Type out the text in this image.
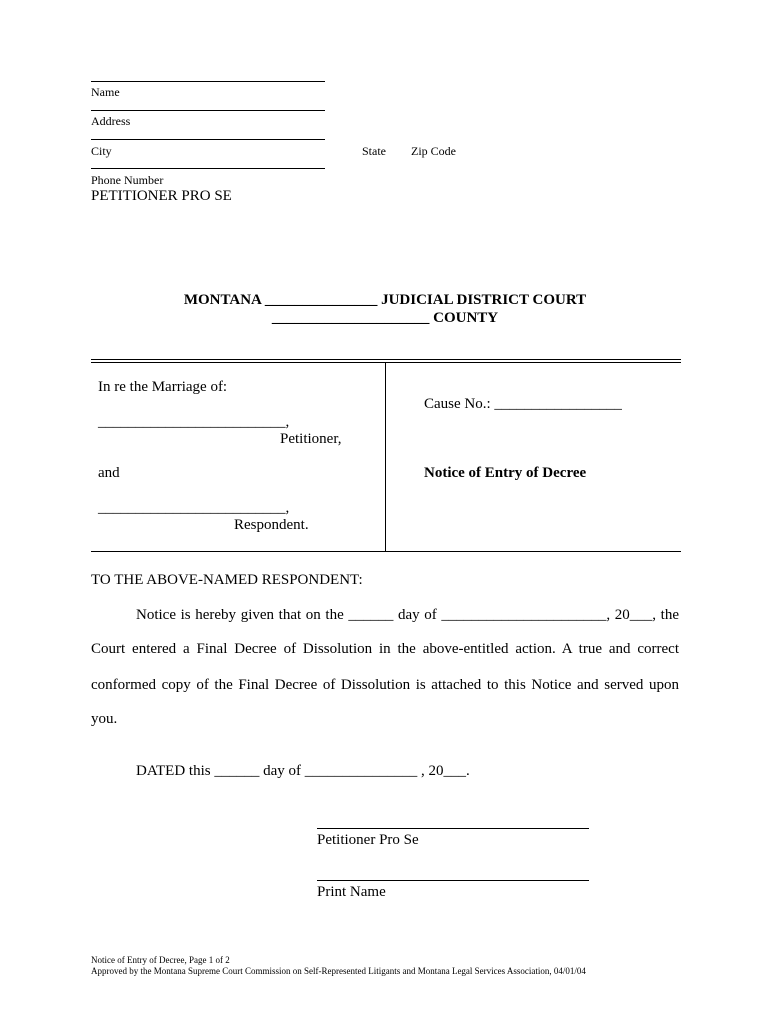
Name
Address
City	State Zip Code
Phone Number
PETITIONER PRO SE
MONTANA _______________ JUDICIAL DISTRICT COURT
_____________________ COUNTY
In re the Marriage of:
_________________________,
Petitioner,
and
_________________________,
Respondent.
Cause No.: _________________
Notice of Entry of Decree
TO THE ABOVE-NAMED RESPONDENT:
Notice is hereby given that on the ______ day of ______________________, 20___, the
Court entered a Final Decree of Dissolution in the above-entitled action. A true and correct
conformed copy of the Final Decree of Dissolution is attached to this Notice and served upon
you.
DATED this ______ day of _______________ , 20___.
Petitioner Pro Se
Print Name
Notice of Entry of Decree, Page 1 of 2
Approved by the Montana Supreme Court Commission on Self-Represented Litigants and Montana Legal Services Association, 04/01/04
